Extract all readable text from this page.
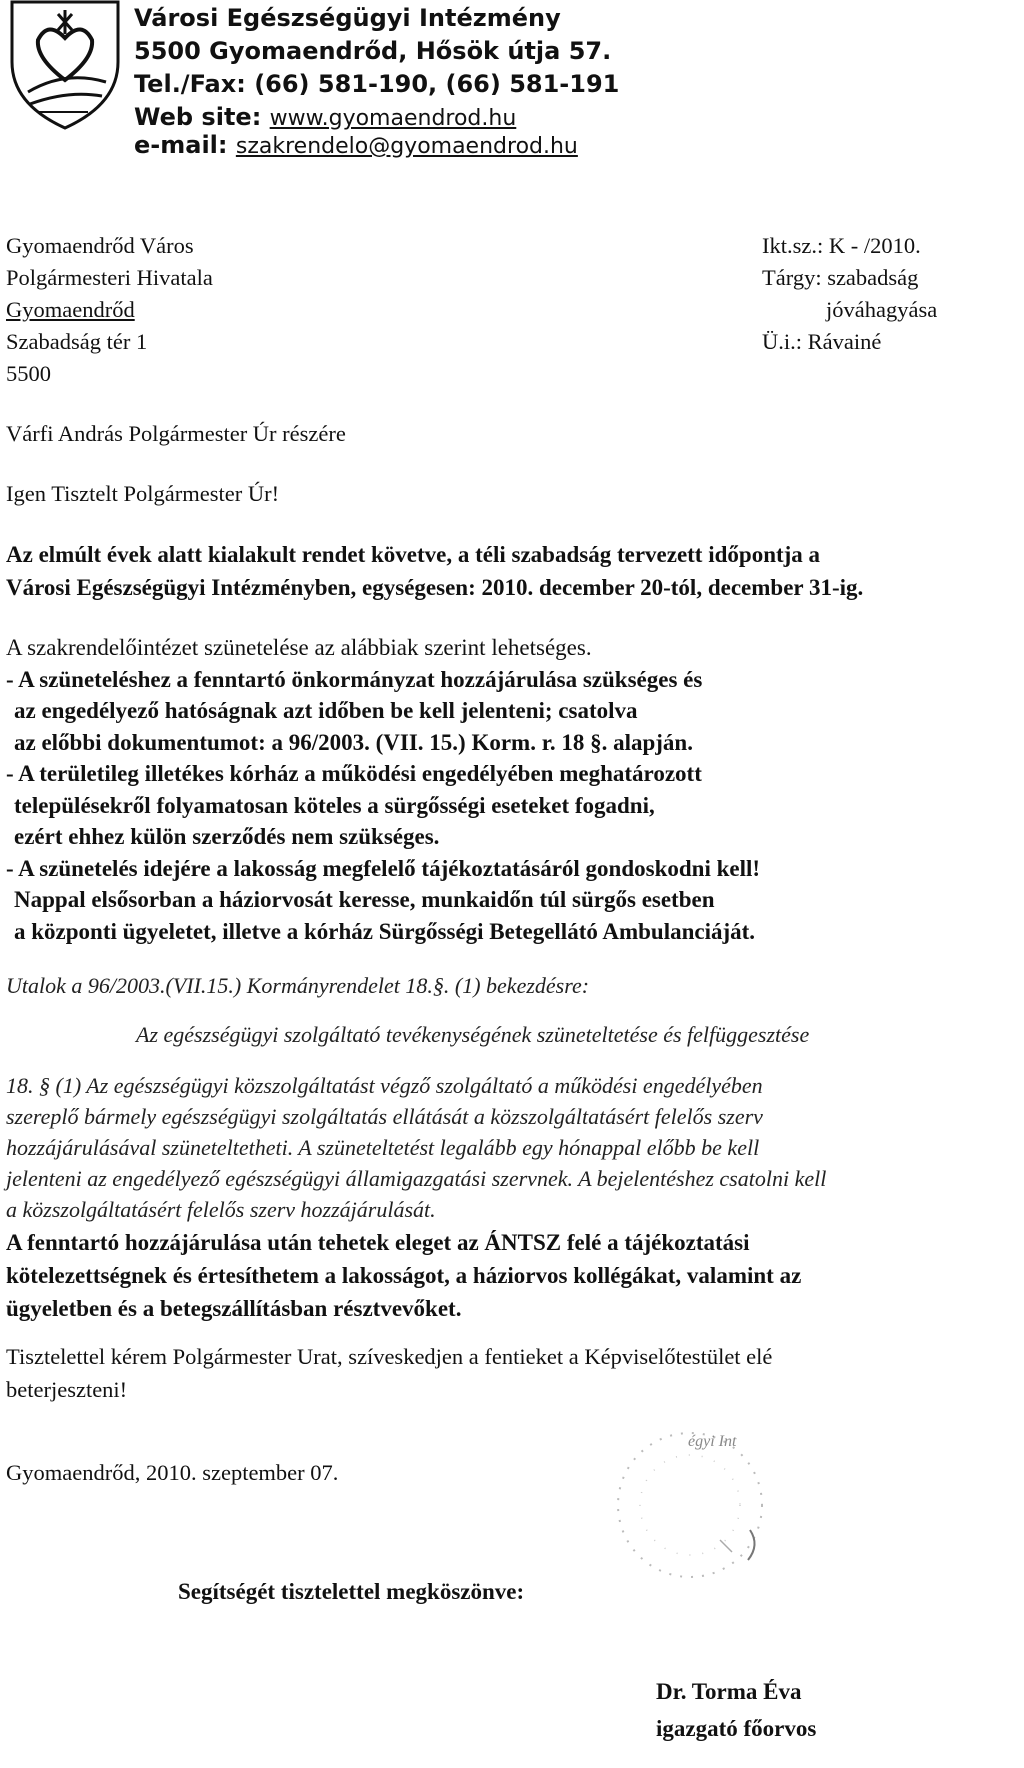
Városi Egészségügyi Intézmény
5500 Gyomaendrőd, Hősök útja 57.
Tel./Fax: (66) 581-190, (66) 581-191
Web site: www.gyomaendrod.hu
e-mail: szakrendelo@gyomaendrod.hu
Gyomaendrőd Város
Polgármesteri Hivatala
Gyomaendrőd
Szabadság tér 1
5500
Ikt.sz.: K - /2010.
Tárgy: szabadság
jóváhagyása
Ü.i.: Rávainé
Várfi András Polgármester Úr részére
Igen Tisztelt Polgármester Úr!
Az elmúlt évek alatt kialakult rendet követve, a téli szabadság tervezett időpontja a
Városi Egészségügyi Intézményben, egységesen: 2010. december 20-tól, december 31-ig.
A szakrendelőintézet szünetelése az alábbiak szerint lehetséges.
- A szüneteléshez a fenntartó önkormányzat hozzájárulása szükséges és
az engedélyező hatóságnak azt időben be kell jelenteni; csatolva
az előbbi dokumentumot: a 96/2003. (VII. 15.) Korm. r. 18 §. alapján.
- A területileg illetékes kórház a működési engedélyében meghatározott
településekről folyamatosan köteles a sürgősségi eseteket fogadni,
ezért ehhez külön szerződés nem szükséges.
- A szünetelés idejére a lakosság megfelelő tájékoztatásáról gondoskodni kell!
Nappal elsősorban a háziorvosát keresse, munkaidőn túl sürgős esetben
a központi ügyeletet, illetve a kórház Sürgősségi Betegellátó Ambulanciáját.
Utalok a 96/2003.(VII.15.) Kormányrendelet 18.§. (1) bekezdésre:
Az egészségügyi szolgáltató tevékenységének szüneteltetése és felfüggesztése
18. § (1) Az egészségügyi közszolgáltatást végző szolgáltató a működési engedélyében
szereplő bármely egészségügyi szolgáltatás ellátását a közszolgáltatásért felelős szerv
hozzájárulásával szüneteltetheti. A szüneteltetést legalább egy hónappal előbb be kell
jelenteni az engedélyező egészségügyi államigazgatási szervnek. A bejelentéshez csatolni kell
a közszolgáltatásért felelős szerv hozzájárulását.
A fenntartó hozzájárulása után tehetek eleget az ÁNTSZ felé a tájékoztatási
kötelezettségnek és értesíthetem a lakosságot, a háziorvos kollégákat, valamint az
ügyeletben és a betegszállításban résztvevőket.
Tisztelettel kérem Polgármester Urat, szíveskedjen a fentieket a Képviselőtestület elé
beterjeszteni!
Gyomaendrőd, 2010. szeptember 07.
égyi Int
Segítségét tisztelettel megköszönve:
Dr. Torma Éva
igazgató főorvos
